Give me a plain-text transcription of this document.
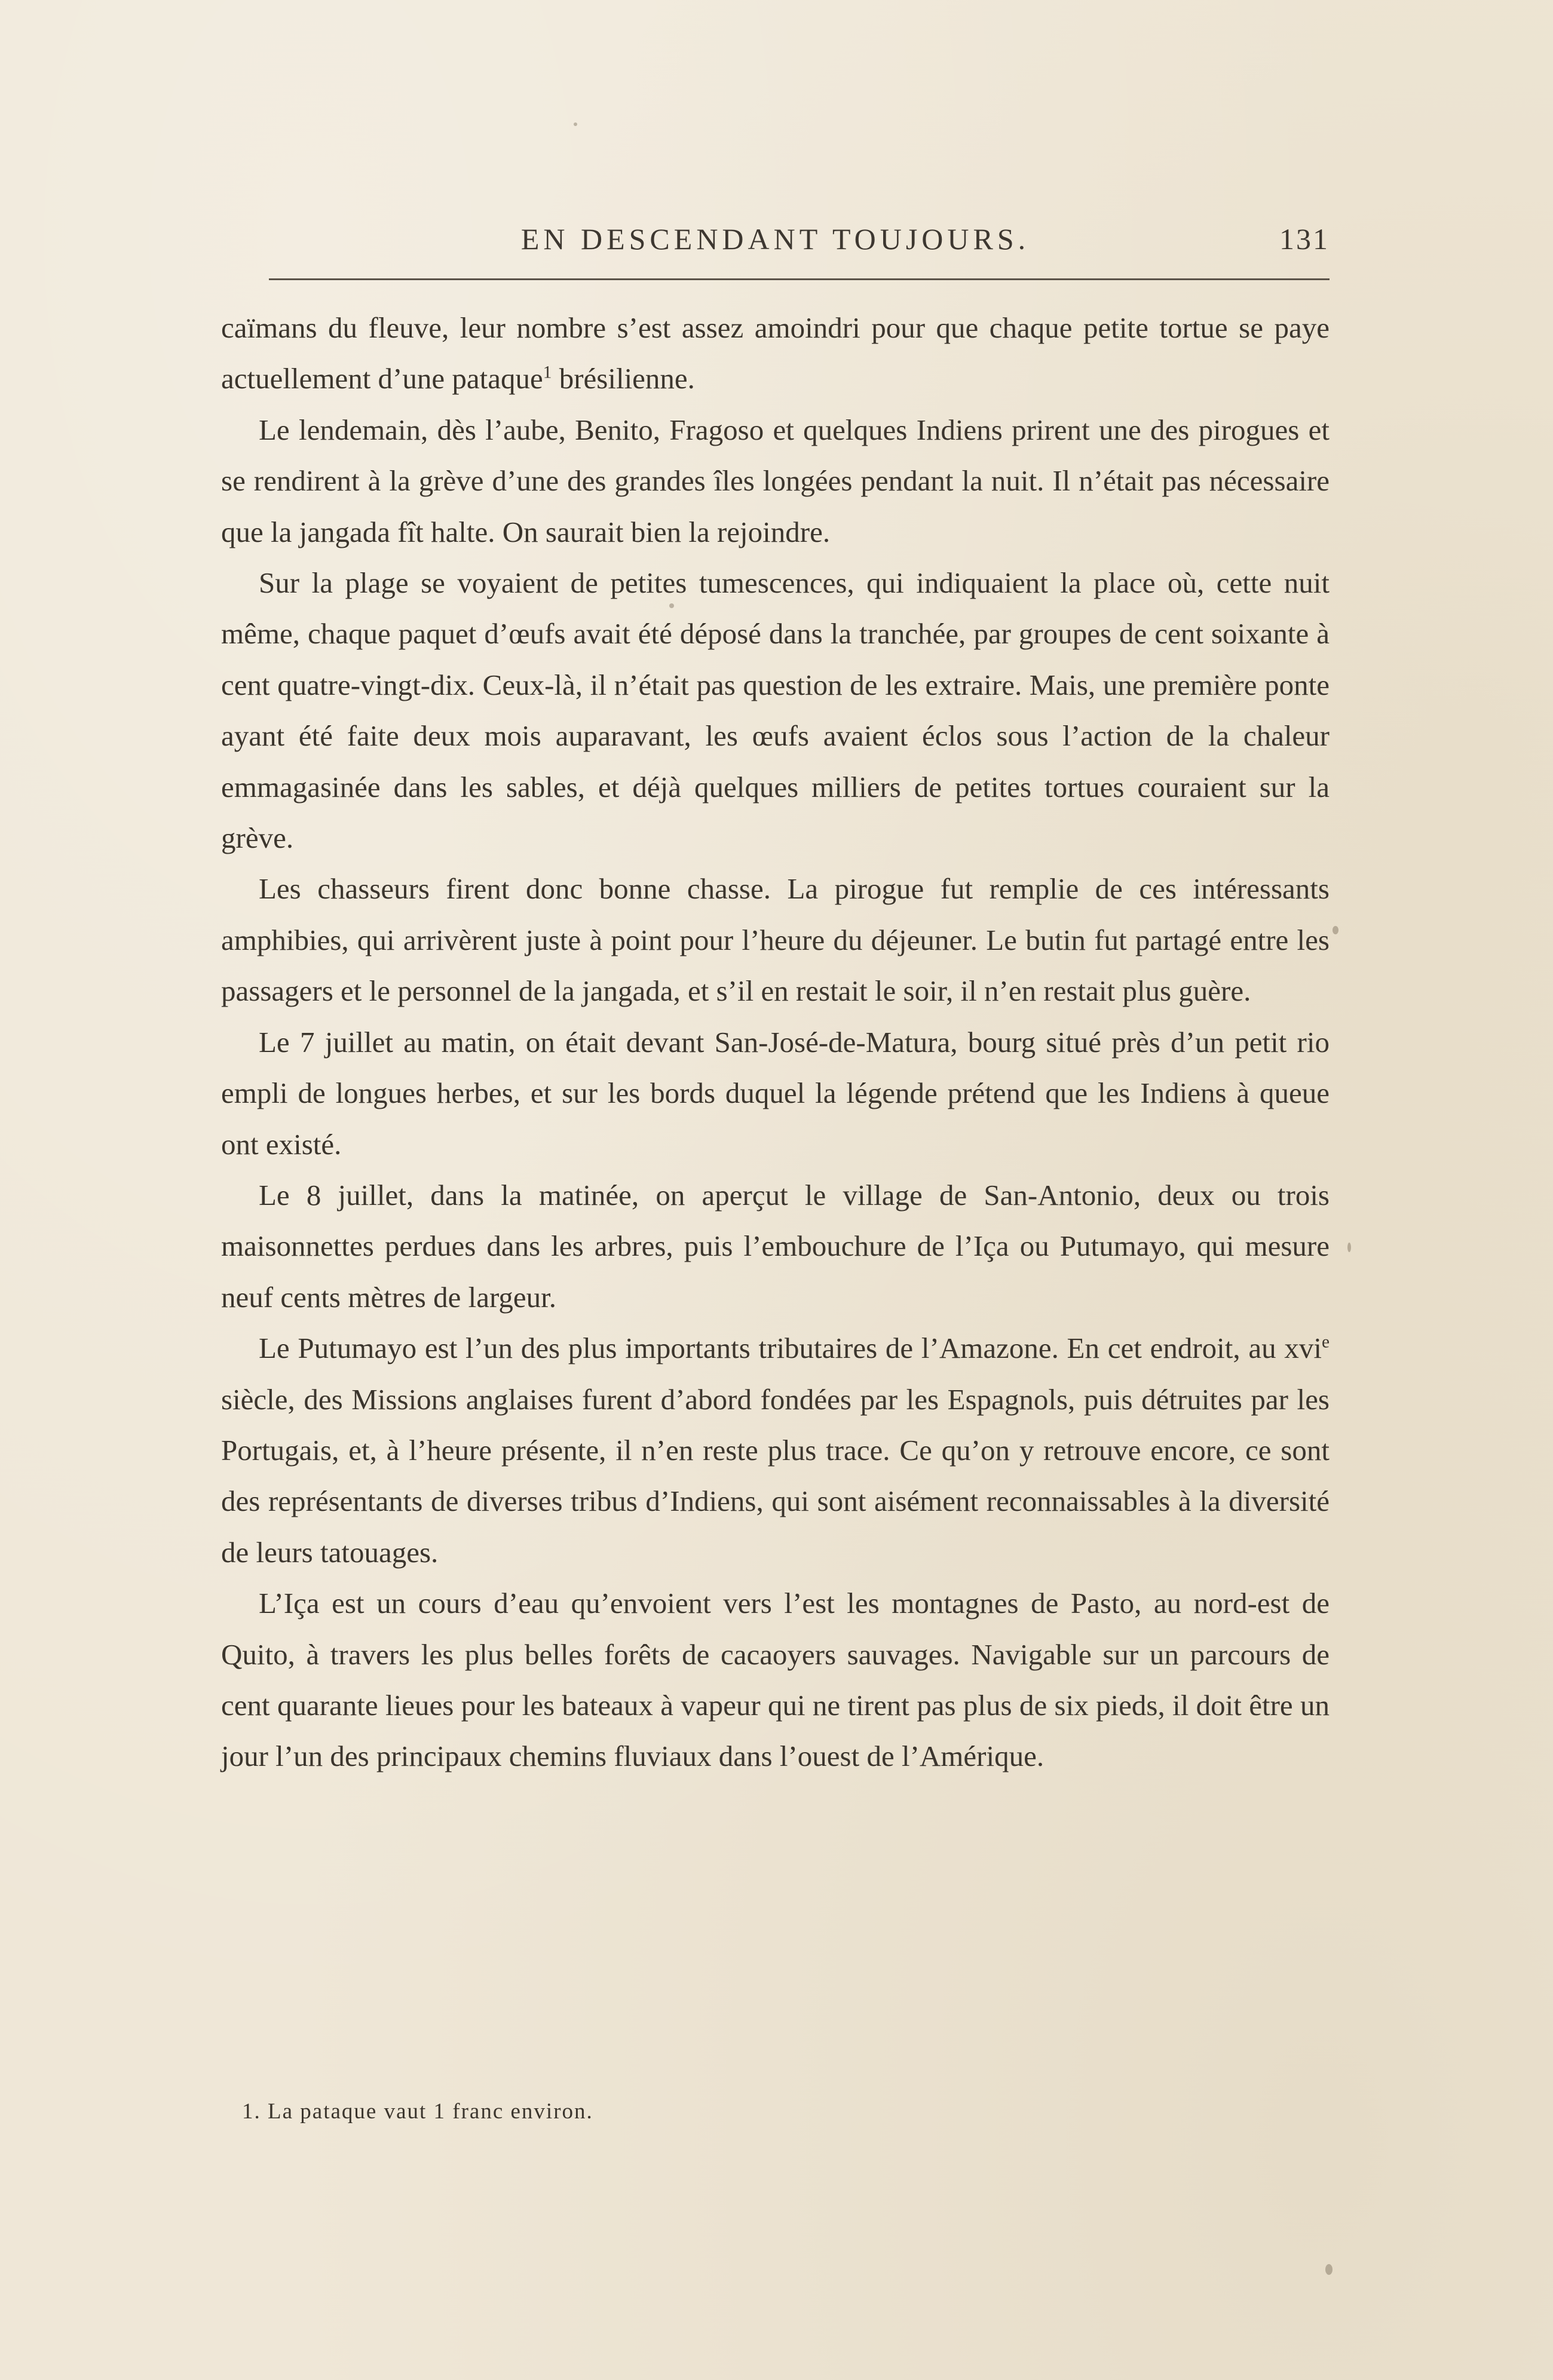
EN DESCENDANT TOUJOURS.	131

caïmans du fleuve, leur nombre s’est assez amoindri pour que chaque petite tortue se paye actuellement d’une pataque$^1$ brésilienne.

Le lendemain, dès l’aube, Benito, Fragoso et quelques Indiens prirent une des pirogues et se rendirent à la grève d’une des grandes îles longées pendant la nuit. Il n’était pas nécessaire que la jangada fît halte. On saurait bien la rejoindre.

Sur la plage se voyaient de petites tumescences, qui indiquaient la place où, cette nuit même, chaque paquet d’œufs avait été déposé dans la tranchée, par groupes de cent soixante à cent quatre-vingt-dix. Ceux-là, il n’était pas question de les extraire. Mais, une première ponte ayant été faite deux mois auparavant, les œufs avaient éclos sous l’action de la chaleur emmagasinée dans les sables, et déjà quelques milliers de petites tortues couraient sur la grève.

Les chasseurs firent donc bonne chasse. La pirogue fut remplie de ces intéressants amphibies, qui arrivèrent juste à point pour l’heure du déjeuner. Le butin fut partagé entre les passagers et le personnel de la jangada, et s’il en restait le soir, il n’en restait plus guère.

Le 7 juillet au matin, on était devant San-José-de-Matura, bourg situé près d’un petit rio empli de longues herbes, et sur les bords duquel la légende prétend que les Indiens à queue ont existé.

Le 8 juillet, dans la matinée, on aperçut le village de San-Antonio, deux ou trois maisonnettes perdues dans les arbres, puis l’embouchure de l’Iça ou Putumayo, qui mesure neuf cents mètres de largeur.

Le Putumayo est l’un des plus importants tributaires de l’Amazone. En cet endroit, au xvi$^e$ siècle, des Missions anglaises furent d’abord fondées par les Espagnols, puis détruites par les Portugais, et, à l’heure présente, il n’en reste plus trace. Ce qu’on y retrouve encore, ce sont des représentants de diverses tribus d’Indiens, qui sont aisément reconnaissables à la diversité de leurs tatouages.

L’Iça est un cours d’eau qu’envoient vers l’est les montagnes de Pasto, au nord-est de Quito, à travers les plus belles forêts de cacaoyers sauvages. Navigable sur un parcours de cent quarante lieues pour les bateaux à vapeur qui ne tirent pas plus de six pieds, il doit être un jour l’un des principaux chemins fluviaux dans l’ouest de l’Amérique.

1. La pataque vaut 1 franc environ.
